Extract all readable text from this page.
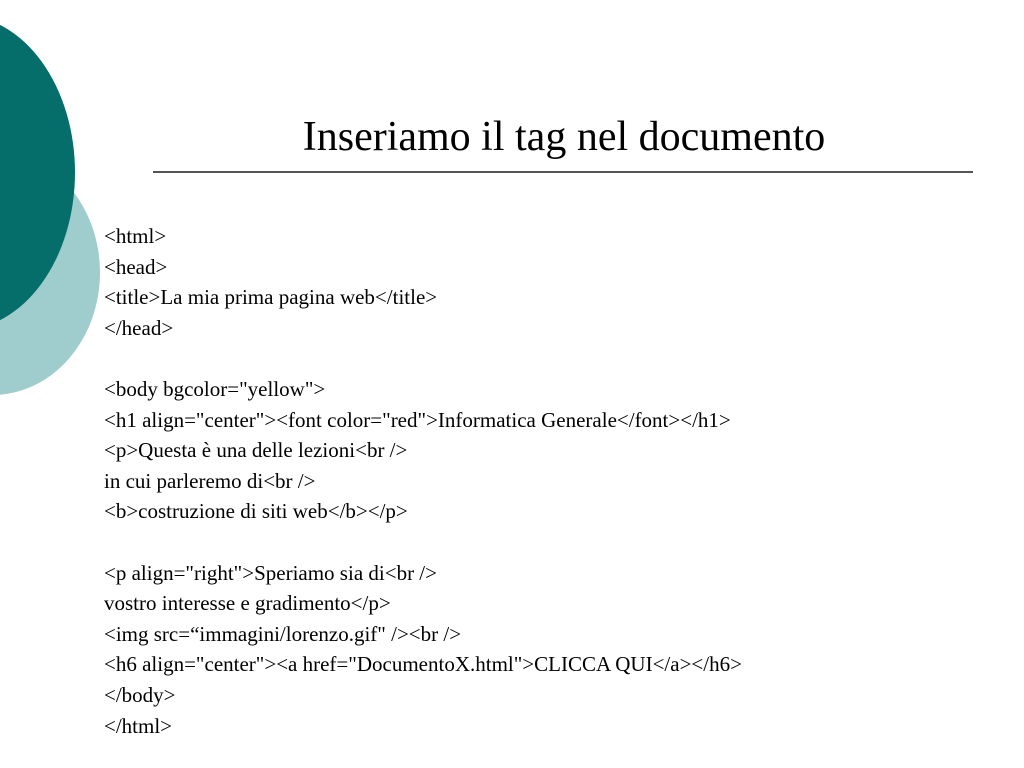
Inseriamo il tag nel documento
<html>
<head>
<title>La mia prima pagina web</title>
</head>
<body bgcolor="yellow">
<h1 align="center"><font color="red">Informatica Generale</font></h1>
<p>Questa è una delle lezioni<br />
in cui parleremo di<br />
<b>costruzione di siti web</b></p>
<p align="right">Speriamo sia di<br />
vostro interesse e gradimento</p>
<img src=“immagini/lorenzo.gif" /><br />
<h6 align="center"><a href="DocumentoX.html">CLICCA QUI</a></h6>
</body>
</html>
